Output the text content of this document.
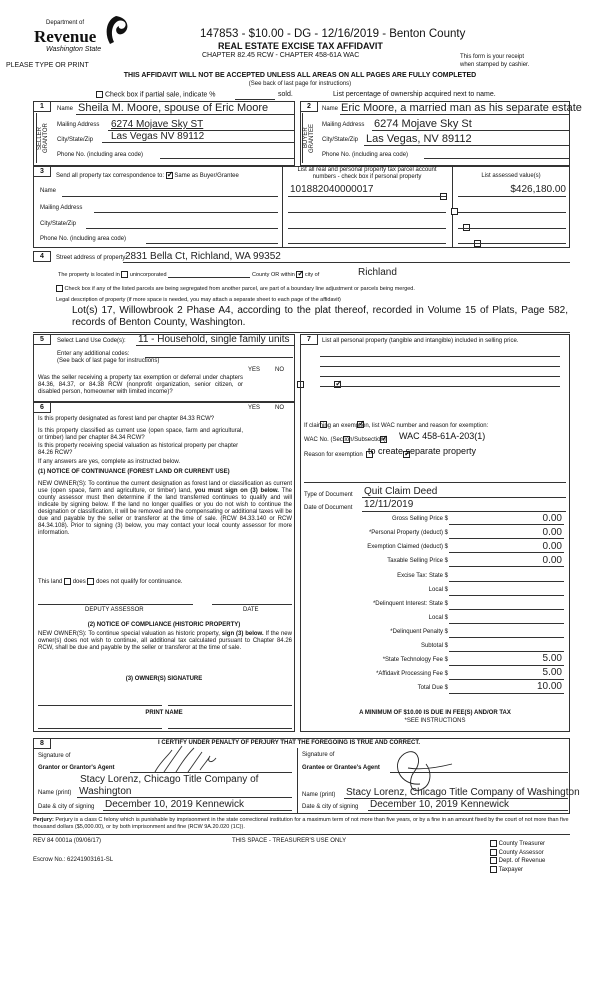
Department of
Revenue
Washington State
PLEASE TYPE OR PRINT
147853 - $10.00 - DG - 12/16/2019 - Benton County
REAL ESTATE EXCISE TAX AFFIDAVIT
CHAPTER 82.45 RCW - CHAPTER 458-61A WAC	This form is your receipt
when stamped by cashier.
THIS AFFIDAVIT WILL NOT BE ACCEPTED UNLESS ALL AREAS ON ALL PAGES ARE FULLY COMPLETED
(See back of last page for instructions)
Check box if partial sale, indicate %	sold.	List percentage of ownership acquired next to name.
1
SELLER GRANTOR
Name Sheila M. Moore, spouse of Eric Moore
Mailing Address 6274 Mojave Sky ST
City/State/Zip Las Vegas NV 89112
Phone No. (including area code)
2
BUYER GRANTEE
Name Eric Moore, a married man as his separate estate
Mailing Address 6274 Mojave Sky St
City/State/Zip Las Vegas, NV 89112
Phone No. (including area code)
3
Send all property tax correspondence to: ✓ Same as Buyer/Grantee
List all real and personal property tax parcel account numbers - check box if personal property	List assessed value(s)
Name
Mailing Address
City/State/Zip
Phone No. (including area code)
101882040000017
	$426,180.00

4	Street address of property:
2831 Bella Ct, Richland, WA 99352
The property is located in unincorporated	County OR within ✓ city of	Richland
Check box if any of the listed parcels are being segregated from another parcel, are part of a boundary line adjustment or parcels being merged.
Legal description of property (if more space is needed, you may attach a separate sheet to each page of the affidavit)
Lot(s) 17, Willowbrook 2 Phase A4, according to the plat thereof, recorded in Volume 15 of Plats, Page 582, records of Benton County, Washington.
5	Select Land Use Code(s): 11 - Household, single family units
Enter any additional codes:
(See back of last page for instructions)
YES NO
Was the seller receiving a property tax exemption or deferral under chapters 84.36, 84.37, or 84.38 RCW (nonprofit organization, senior citizen, or disabled person, homeowner with limited income)?
✓
6	YES NO
Is this property designated as forest land per chapter 84.33 RCW?
✓
Is this property classified as current use (open space, farm and agricultural, or timber) land per chapter 84.34 RCW?
✓
Is this property receiving special valuation as historical property per chapter 84.26 RCW?
✓
If any answers are yes, complete as instructed below.
(1) NOTICE OF CONTINUANCE (FOREST LAND OR CURRENT USE)
NEW OWNER(S): To continue the current designation as forest land or classification as current use (open space, farm and agriculture, or timber) land, you must sign on (3) below. The county assessor must then determine if the land transferred continues to qualify and will indicate by signing below. If the land no longer qualifies or you do not wish to continue the designation or classification, it will be removed and the compensating or additional taxes will be due and payable by the seller or transferor at the time of sale. (RCW 84.33.140 or RCW 84.34.108). Prior to signing (3) below, you may contact your local county assessor for more information.
This land does does not qualify for continuance.
DEPUTY ASSESSOR	DATE
(2) NOTICE OF COMPLIANCE (HISTORIC PROPERTY)
NEW OWNER(S): To continue special valuation as historic property, sign (3) below. If the new owner(s) does not wish to continue, all additional tax calculated pursuant to Chapter 84.26 RCW, shall be due and payable by the seller or transferor at the time of sale.
(3) OWNER(S) SIGNATURE
PRINT NAME
7	List all personal property (tangible and intangible) included in selling price.
If claiming an exemption, list WAC number and reason for exemption:
WAC No. (Section/Subsection) WAC 458-61A-203(1)
Reason for exemption to create separate property
Type of Document Quit Claim Deed
Date of Document 12/11/2019
Gross Selling Price $	0.00
*Personal Property (deduct) $	0.00
Exemption Claimed (deduct) $	0.00
Taxable Selling Price $	0.00
Excise Tax: State $
Local $
*Delinquent Interest: State $
Local $
*Delinquent Penalty $
Subtotal $
*State Technology Fee $	5.00
*Affidavit Processing Fee $	5.00
Total Due $	10.00
A MINIMUM OF $10.00 IS DUE IN FEE(S) AND/OR TAX
*SEE INSTRUCTIONS
8	I CERTIFY UNDER PENALTY OF PERJURY THAT THE FOREGOING IS TRUE AND CORRECT.
Signature of
Grantor or Grantor's Agent
Stacy Lorenz, Chicago Title Company of
Name (print) Washington
Date & city of signing December 10, 2019 Kennewick
Signature of
Grantee or Grantee's Agent
Name (print) Stacy Lorenz, Chicago Title Company of Washington
Date & city of signing December 10, 2019 Kennewick
Perjury: Perjury is a class C felony which is punishable by imprisonment in the state correctional institution for a maximum term of not more than five years, or by a fine in an amount fixed by the court of not more than five thousand dollars ($5,000.00), or by both imprisonment and fine (RCW 9A.20.020 (1C)).
REV 84 0001a (09/06/17)	THIS SPACE - TREASURER'S USE ONLY
Escrow No.: 62241903161-SL
County Treasurer
County Assessor
Dept. of Revenue
Taxpayer
